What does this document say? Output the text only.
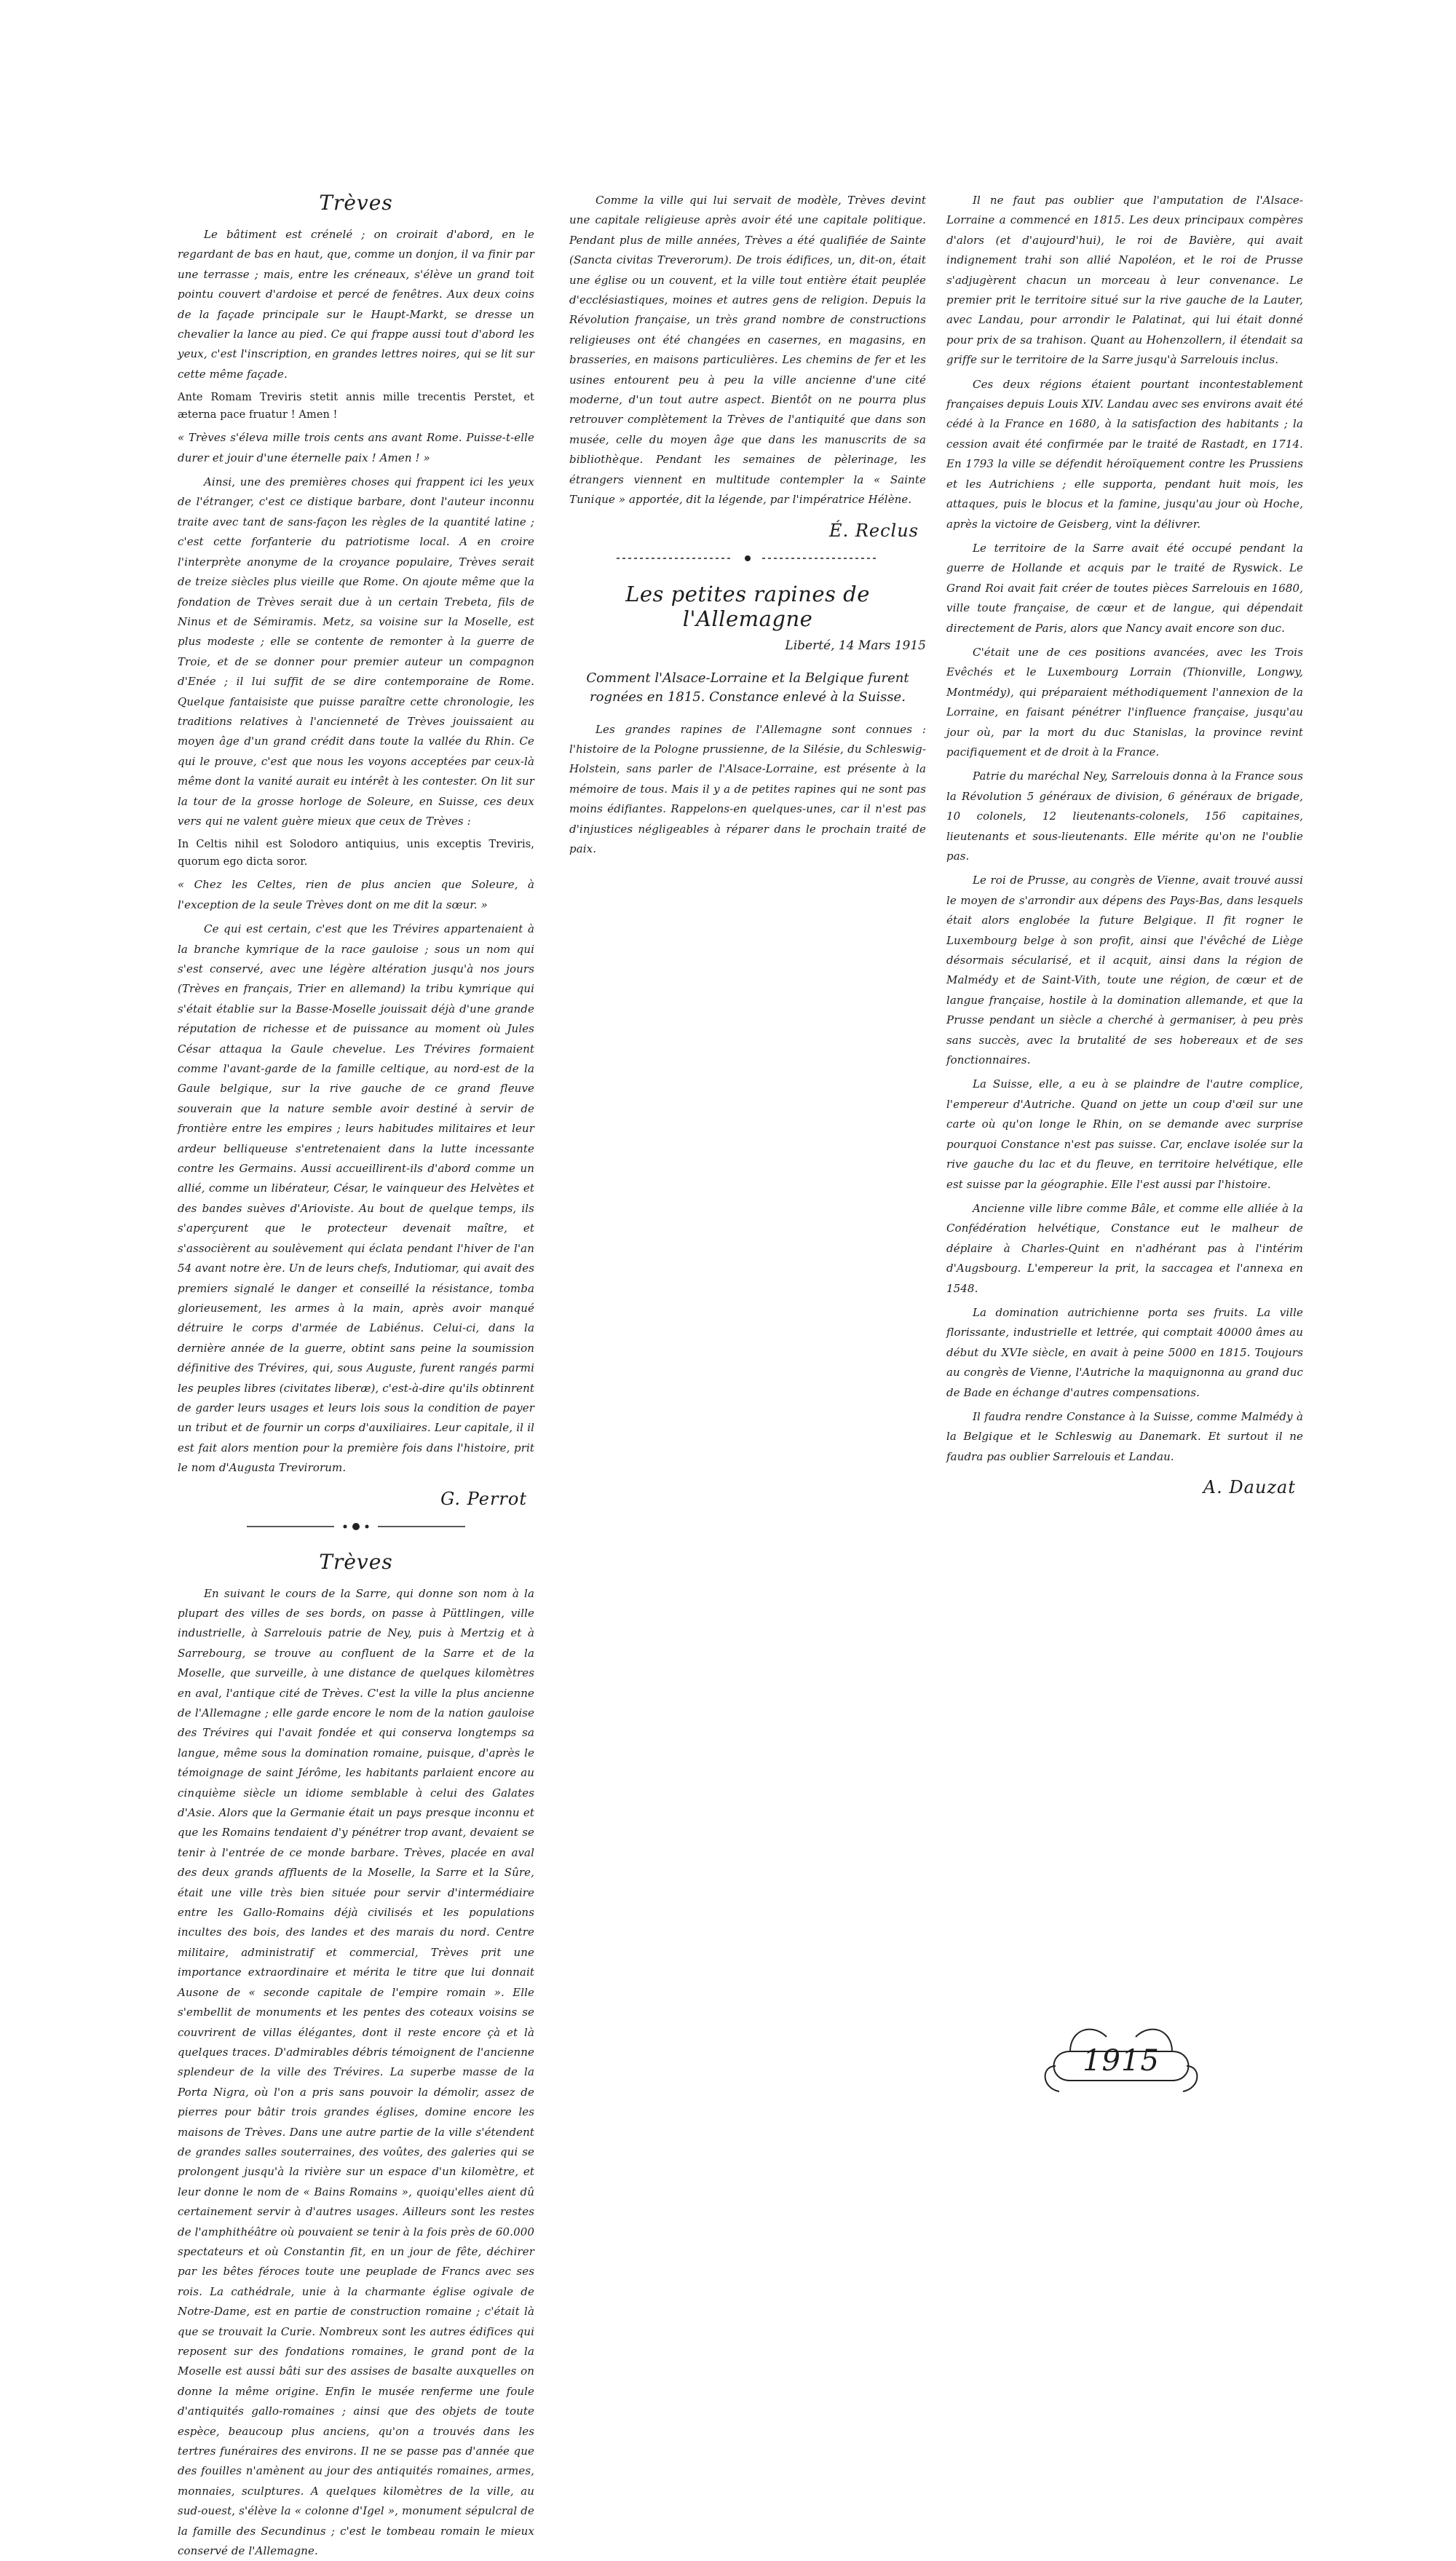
Trèves

Le bâtiment est crénelé ; on croirait d'abord, en le regardant de bas en haut, que, comme un donjon, il va finir par une terrasse ; mais, entre les créneaux, s'élève un grand toit pointu couvert d'ardoise et percé de fenêtres. Aux deux coins de la façade principale sur le Haupt-Markt, se dresse un chevalier la lance au pied. Ce qui frappe aussi tout d'abord les yeux, c'est l'inscription, en grandes lettres noires, qui se lit sur cette même façade.

Ante Romam Treviris stetit annis mille trecentis Perstet, et æterna pace fruatur ! Amen !

« Trèves s'éleva mille trois cents ans avant Rome. Puisse-t-elle durer et jouir d'une éternelle paix ! Amen ! »

Ainsi, une des premières choses qui frappent ici les yeux de l'étranger, c'est ce distique barbare, dont l'auteur inconnu traite avec tant de sans-façon les règles de la quantité latine ; c'est cette forfanterie du patriotisme local. A en croire l'interprète anonyme de la croyance populaire, Trèves serait de treize siècles plus vieille que Rome. On ajoute même que la fondation de Trèves serait due à un certain Trebeta, fils de Ninus et de Sémiramis. Metz, sa voisine sur la Moselle, est plus modeste ; elle se contente de remonter à la guerre de Troie, et de se donner pour premier auteur un compagnon d'Enée ; il lui suffit de se dire contemporaine de Rome. Quelque fantaisiste que puisse paraître cette chronologie, les traditions relatives à l'ancienneté de Trèves jouissaient au moyen âge d'un grand crédit dans toute la vallée du Rhin. Ce qui le prouve, c'est que nous les voyons acceptées par ceux-là même dont la vanité aurait eu intérêt à les contester. On lit sur la tour de la grosse horloge de Soleure, en Suisse, ces deux vers qui ne valent guère mieux que ceux de Trèves :

In Celtis nihil est Solodoro antiquius, unis exceptis Treviris, quorum ego dicta soror.

« Chez les Celtes, rien de plus ancien que Soleure, à l'exception de la seule Trèves dont on me dit la sœur. »

Ce qui est certain, c'est que les Trévires appartenaient à la branche kymrique de la race gauloise ; sous un nom qui s'est conservé, avec une légère altération jusqu'à nos jours (Trèves en français, Trier en allemand) la tribu kymrique qui s'était établie sur la Basse-Moselle jouissait déjà d'une grande réputation de richesse et de puissance au moment où Jules César attaqua la Gaule chevelue. Les Trévires formaient comme l'avant-garde de la famille celtique, au nord-est de la Gaule belgique, sur la rive gauche de ce grand fleuve souverain que la nature semble avoir destiné à servir de frontière entre les empires ; leurs habitudes militaires et leur ardeur belliqueuse s'entretenaient dans la lutte incessante contre les Germains. Aussi accueillirent-ils d'abord comme un allié, comme un libérateur, César, le vainqueur des Helvètes et des bandes suèves d'Arioviste. Au bout de quelque temps, ils s'aperçurent que le protecteur devenait maître, et s'associèrent au soulèvement qui éclata pendant l'hiver de l'an 54 avant notre ère. Un de leurs chefs, Indutiomar, qui avait des premiers signalé le danger et conseillé la résistance, tomba glorieusement, les armes à la main, après avoir manqué détruire le corps d'armée de Labiénus. Celui-ci, dans la dernière année de la guerre, obtint sans peine la soumission définitive des Trévires, qui, sous Auguste, furent rangés parmi les peuples libres (civitates liberæ), c'est-à-dire qu'ils obtinrent de garder leurs usages et leurs lois sous la condition de payer un tribut et de fournir un corps d'auxiliaires. Leur capitale, il il est fait alors mention pour la première fois dans l'histoire, prit le nom d'Augusta Trevirorum.

G. Perrot
Trèves

En suivant le cours de la Sarre, qui donne son nom à la plupart des villes de ses bords, on passe à Püttlingen, ville industrielle, à Sarrelouis patrie de Ney, puis à Mertzig et à Sarrebourg, se trouve au confluent de la Sarre et de la Moselle, que surveille, à une distance de quelques kilomètres en aval, l'antique cité de Trèves. C'est la ville la plus ancienne de l'Allemagne ; elle garde encore le nom de la nation gauloise des Trévires qui l'avait fondée et qui conserva longtemps sa langue, même sous la domination romaine, puisque, d'après le témoignage de saint Jérôme, les habitants parlaient encore au cinquième siècle un idiome semblable à celui des Galates d'Asie. Alors que la Germanie était un pays presque inconnu et que les Romains tendaient d'y pénétrer trop avant, devaient se tenir à l'entrée de ce monde barbare. Trèves, placée en aval des deux grands affluents de la Moselle, la Sarre et la Sûre, était une ville très bien située pour servir d'intermédiaire entre les Gallo-Romains déjà civilisés et les populations incultes des bois, des landes et des marais du nord. Centre militaire, administratif et commercial, Trèves prit une importance extraordinaire et mérita le titre que lui donnait Ausone de « seconde capitale de l'empire romain ». Elle s'embellit de monuments et les pentes des coteaux voisins se couvrirent de villas élégantes, dont il reste encore çà et là quelques traces. D'admirables débris témoignent de l'ancienne splendeur de la ville des Trévires. La superbe masse de la Porta Nigra, où l'on a pris sans pouvoir la démolir, assez de pierres pour bâtir trois grandes églises, domine encore les maisons de Trèves. Dans une autre partie de la ville s'étendent de grandes salles souterraines, des voûtes, des galeries qui se prolongent jusqu'à la rivière sur un espace d'un kilomètre, et leur donne le nom de « Bains Romains », quoiqu'elles aient dû certainement servir à d'autres usages. Ailleurs sont les restes de l'amphithéâtre où pouvaient se tenir à la fois près de 60.000 spectateurs et où Constantin fit, en un jour de fête, déchirer par les bêtes féroces toute une peuplade de Francs avec ses rois. La cathédrale, unie à la charmante église ogivale de Notre-Dame, est en partie de construction romaine ; c'était là que se trouvait la Curie. Nombreux sont les autres édifices qui reposent sur des fondations romaines, le grand pont de la Moselle est aussi bâti sur des assises de basalte auxquelles on donne la même origine. Enfin le musée renferme une foule d'antiquités gallo-romaines ; ainsi que des objets de toute espèce, beaucoup plus anciens, qu'on a trouvés dans les tertres funéraires des environs. Il ne se passe pas d'année que des fouilles n'amènent au jour des antiquités romaines, armes, monnaies, sculptures. A quelques kilomètres de la ville, au sud-ouest, s'élève la « colonne d'Igel », monument sépulcral de la famille des Secundinus ; c'est le tombeau romain le mieux conservé de l'Allemagne.

Comme la ville qui lui servait de modèle, Trèves devint une capitale religieuse après avoir été une capitale politique. Pendant plus de mille années, Trèves a été qualifiée de Sainte (Sancta civitas Treverorum). De trois édifices, un, dit-on, était une église ou un couvent, et la ville tout entière était peuplée d'ecclésiastiques, moines et autres gens de religion. Depuis la Révolution française, un très grand nombre de constructions religieuses ont été changées en casernes, en magasins, en brasseries, en maisons particulières. Les chemins de fer et les usines entourent peu à peu la ville ancienne d'une cité moderne, d'un tout autre aspect. Bientôt on ne pourra plus retrouver complètement la Trèves de l'antiquité que dans son musée, celle du moyen âge que dans les manuscrits de sa bibliothèque. Pendant les semaines de pèlerinage, les étrangers viennent en multitude contempler la « Sainte Tunique » apportée, dit la légende, par l'impératrice Hélène.

É. Reclus
Les petites rapines de l'Allemagne
Liberté, 14 Mars 1915
Comment l'Alsace-Lorraine et la Belgique furent rognées en 1815. Constance enlevé à la Suisse.

Les grandes rapines de l'Allemagne sont connues : l'histoire de la Pologne prussienne, de la Silésie, du Schleswig-Holstein, sans parler de l'Alsace-Lorraine, est présente à la mémoire de tous. Mais il y a de petites rapines qui ne sont pas moins édifiantes. Rappelons-en quelques-unes, car il n'est pas d'injustices négligeables à réparer dans le prochain traité de paix.

Il ne faut pas oublier que l'amputation de l'Alsace-Lorraine a commencé en 1815. Les deux principaux compères d'alors (et d'aujourd'hui), le roi de Bavière, qui avait indignement trahi son allié Napoléon, et le roi de Prusse s'adjugèrent chacun un morceau à leur convenance. Le premier prit le territoire situé sur la rive gauche de la Lauter, avec Landau, pour arrondir le Palatinat, qui lui était donné pour prix de sa trahison. Quant au Hohenzollern, il étendait sa griffe sur le territoire de la Sarre jusqu'à Sarrelouis inclus.

Ces deux régions étaient pourtant incontestablement françaises depuis Louis XIV. Landau avec ses environs avait été cédé à la France en 1680, à la satisfaction des habitants ; la cession avait été confirmée par le traité de Rastadt, en 1714. En 1793 la ville se défendit héroïquement contre les Prussiens et les Autrichiens ; elle supporta, pendant huit mois, les attaques, puis le blocus et la famine, jusqu'au jour où Hoche, après la victoire de Geisberg, vint la délivrer.

Le territoire de la Sarre avait été occupé pendant la guerre de Hollande et acquis par le traité de Ryswick. Le Grand Roi avait fait créer de toutes pièces Sarrelouis en 1680, ville toute française, de cœur et de langue, qui dépendait directement de Paris, alors que Nancy avait encore son duc.

C'était une de ces positions avancées, avec les Trois Evêchés et le Luxembourg Lorrain (Thionville, Longwy, Montmédy), qui préparaient méthodiquement l'annexion de la Lorraine, en faisant pénétrer l'influence française, jusqu'au jour où, par la mort du duc Stanislas, la province revint pacifiquement et de droit à la France.

Patrie du maréchal Ney, Sarrelouis donna à la France sous la Révolution 5 généraux de division, 6 généraux de brigade, 10 colonels, 12 lieutenants-colonels, 156 capitaines, lieutenants et sous-lieutenants. Elle mérite qu'on ne l'oublie pas.

Le roi de Prusse, au congrès de Vienne, avait trouvé aussi le moyen de s'arrondir aux dépens des Pays-Bas, dans lesquels était alors englobée la future Belgique. Il fit rogner le Luxembourg belge à son profit, ainsi que l'évêché de Liège désormais sécularisé, et il acquit, ainsi dans la région de Malmédy et de Saint-Vith, toute une région, de cœur et de langue française, hostile à la domination allemande, et que la Prusse pendant un siècle a cherché à germaniser, à peu près sans succès, avec la brutalité de ses hobereaux et de ses fonctionnaires.

La Suisse, elle, a eu à se plaindre de l'autre complice, l'empereur d'Autriche. Quand on jette un coup d'œil sur une carte où qu'on longe le Rhin, on se demande avec surprise pourquoi Constance n'est pas suisse. Car, enclave isolée sur la rive gauche du lac et du fleuve, en territoire helvétique, elle est suisse par la géographie. Elle l'est aussi par l'histoire.

Ancienne ville libre comme Bâle, et comme elle alliée à la Confédération helvétique, Constance eut le malheur de déplaire à Charles-Quint en n'adhérant pas à l'intérim d'Augsbourg. L'empereur la prit, la saccagea et l'annexa en 1548.

La domination autrichienne porta ses fruits. La ville florissante, industrielle et lettrée, qui comptait 40000 âmes au début du XVIe siècle, en avait à peine 5000 en 1815. Toujours au congrès de Vienne, l'Autriche la maquignonna au grand duc de Bade en échange d'autres compensations.

Il faudra rendre Constance à la Suisse, comme Malmédy à la Belgique et le Schleswig au Danemark. Et surtout il ne faudra pas oublier Sarrelouis et Landau.

A. Dauzat
1915
